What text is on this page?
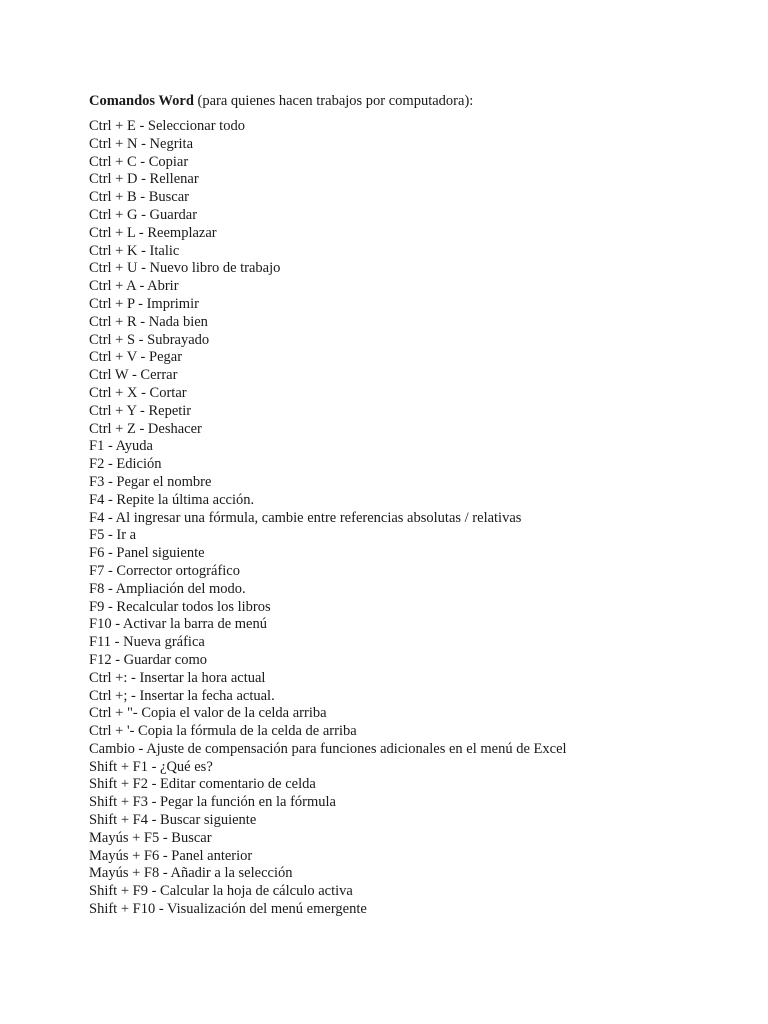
Comandos Word (para quienes hacen trabajos por computadora):
Ctrl + E - Seleccionar todo
Ctrl + N - Negrita
Ctrl + C - Copiar
Ctrl + D - Rellenar
Ctrl + B - Buscar
Ctrl + G - Guardar
Ctrl + L - Reemplazar
Ctrl + K - Italic
Ctrl + U - Nuevo libro de trabajo
Ctrl + A - Abrir
Ctrl + P - Imprimir
Ctrl + R - Nada bien
Ctrl + S - Subrayado
Ctrl + V - Pegar
Ctrl W - Cerrar
Ctrl + X - Cortar
Ctrl + Y - Repetir
Ctrl + Z - Deshacer
F1 - Ayuda
F2 - Edición
F3 - Pegar el nombre
F4 - Repite la última acción.
F4 - Al ingresar una fórmula, cambie entre referencias absolutas / relativas
F5 - Ir a
F6 - Panel siguiente
F7 - Corrector ortográfico
F8 - Ampliación del modo.
F9 - Recalcular todos los libros
F10 - Activar la barra de menú
F11 - Nueva gráfica
F12 - Guardar como
Ctrl +: - Insertar la hora actual
Ctrl +; - Insertar la fecha actual.
Ctrl + "- Copia el valor de la celda arriba
Ctrl + '- Copia la fórmula de la celda de arriba
Cambio - Ajuste de compensación para funciones adicionales en el menú de Excel
Shift + F1 - ¿Qué es?
Shift + F2 - Editar comentario de celda
Shift + F3 - Pegar la función en la fórmula
Shift + F4 - Buscar siguiente
Mayús + F5 - Buscar
Mayús + F6 - Panel anterior
Mayús + F8 - Añadir a la selección
Shift + F9 - Calcular la hoja de cálculo activa
Shift + F10 - Visualización del menú emergente
